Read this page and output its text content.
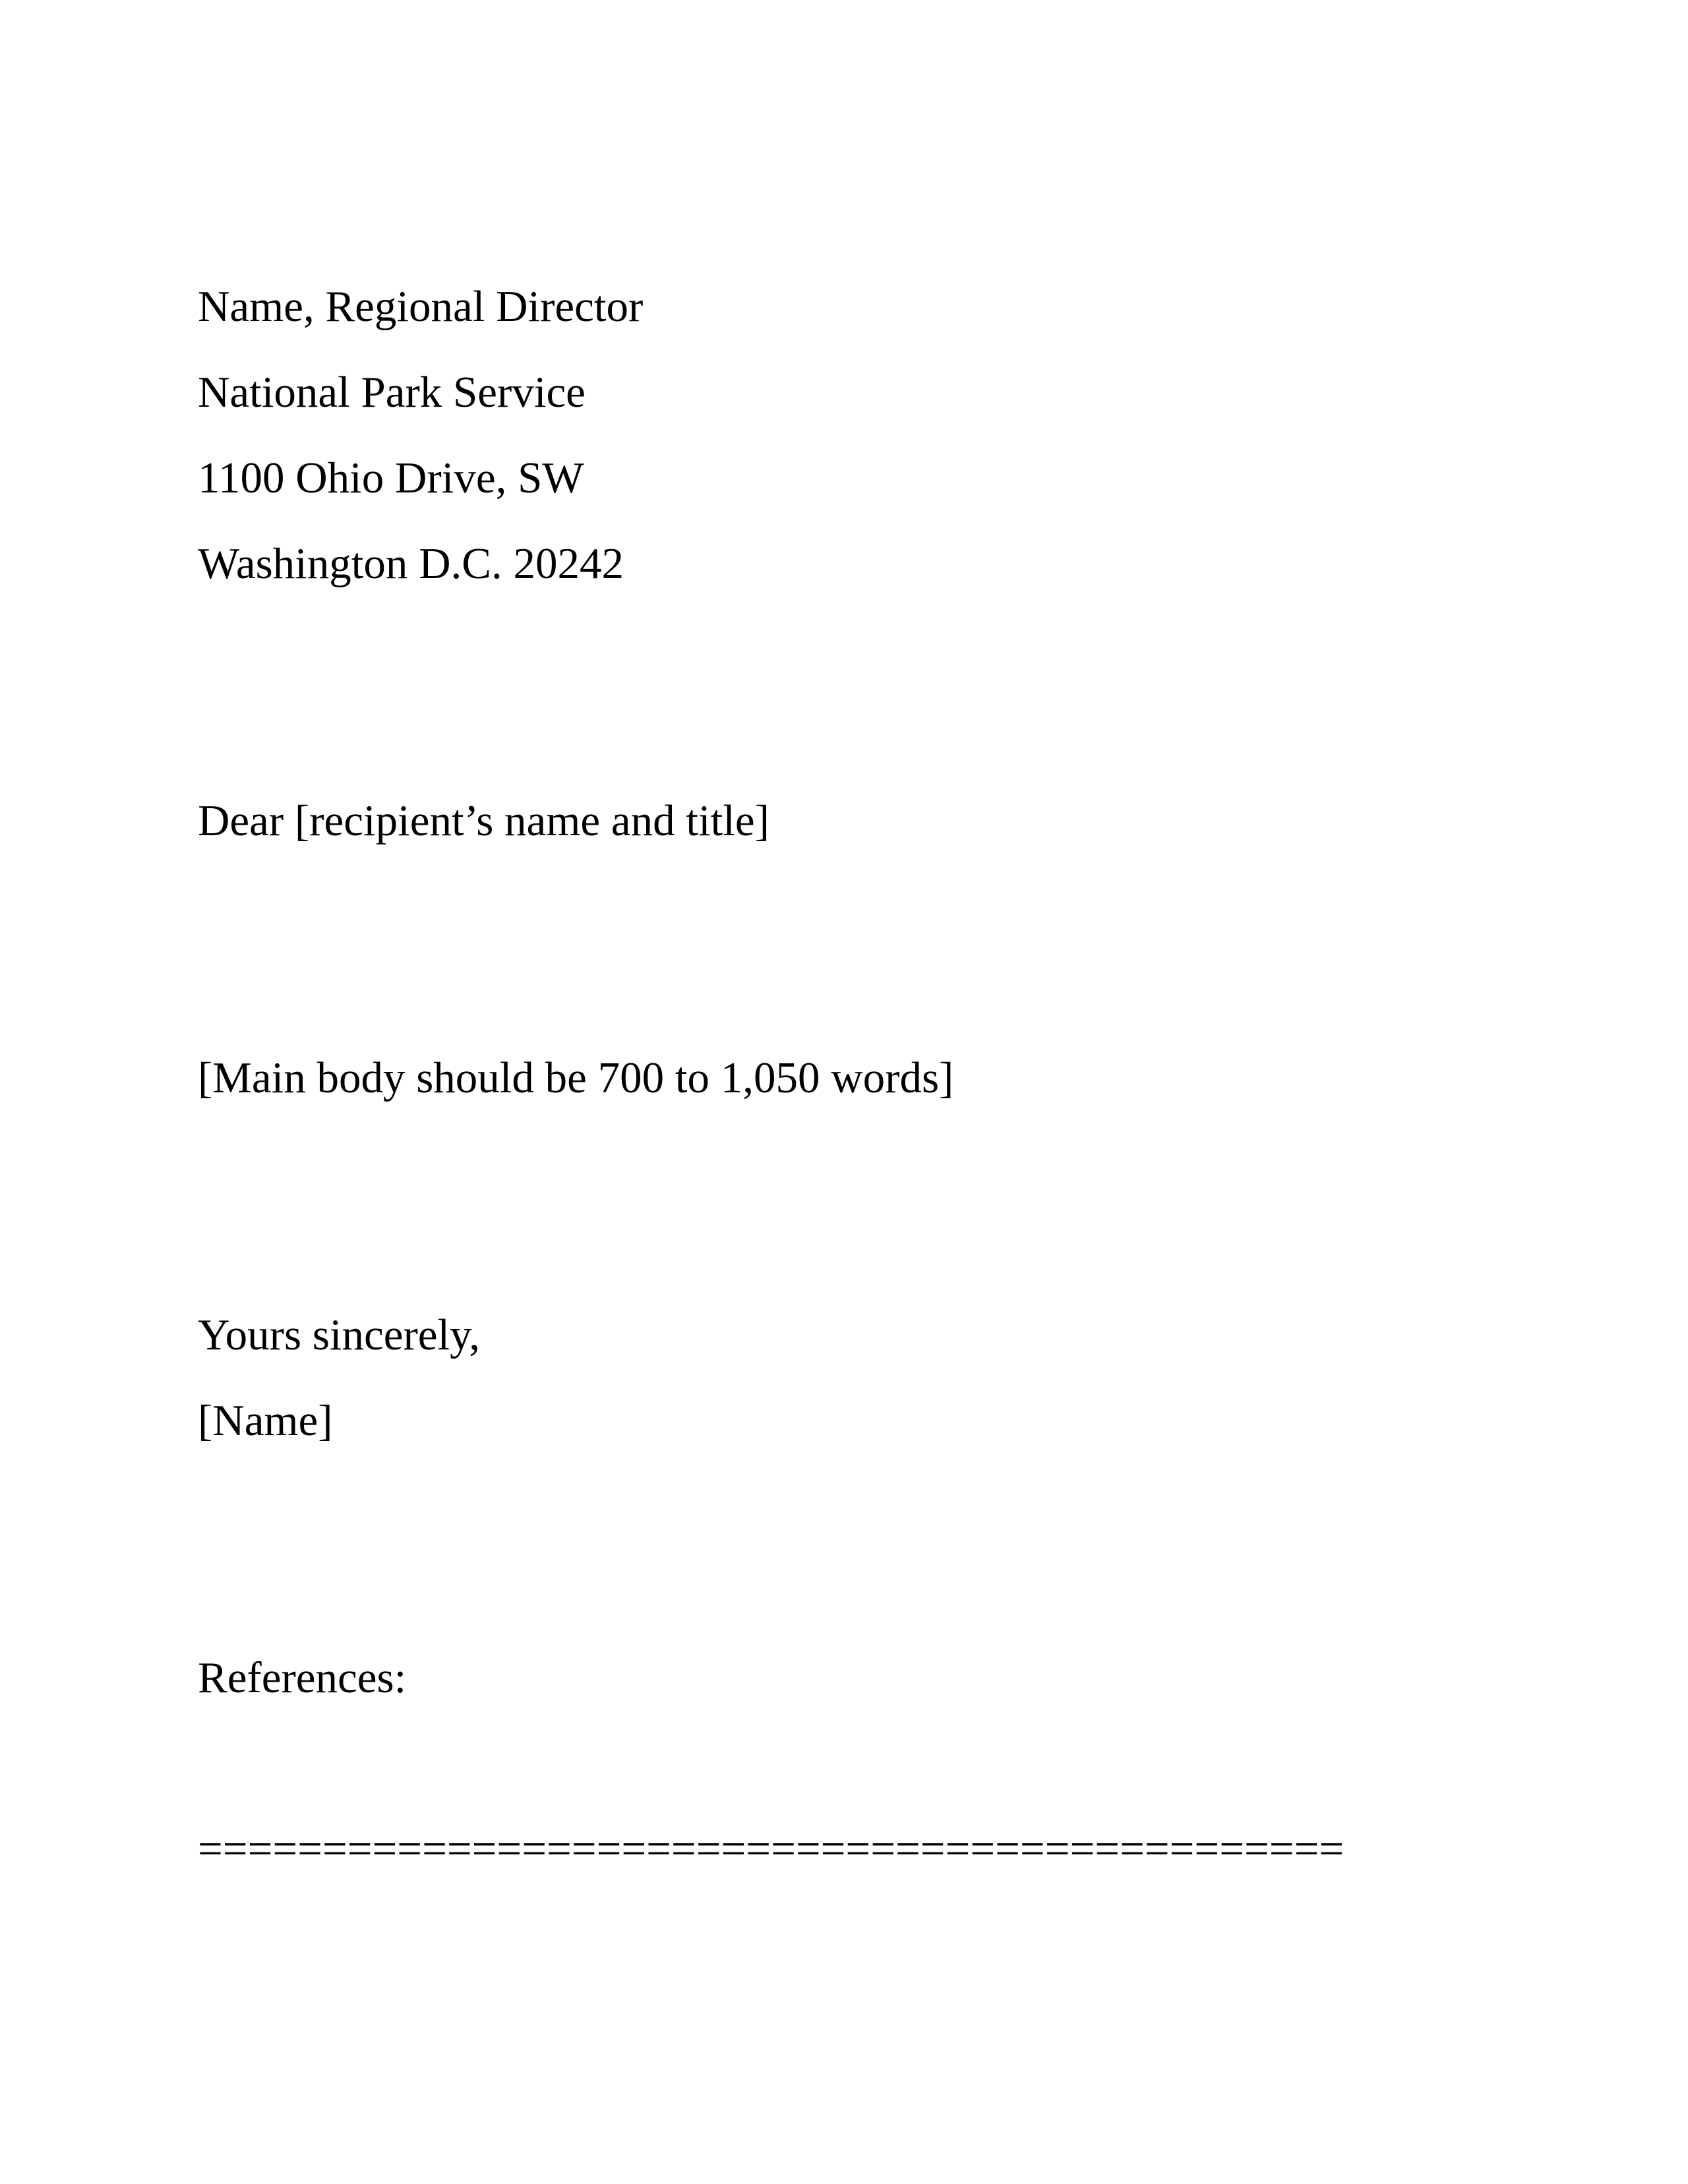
Name, Regional Director

National Park Service

1100 Ohio Drive, SW

Washington D.C. 20242

Dear [recipient’s name and title]

[Main body should be 700 to 1,050 words]

Yours sincerely,

[Name]

References:

==============================================
